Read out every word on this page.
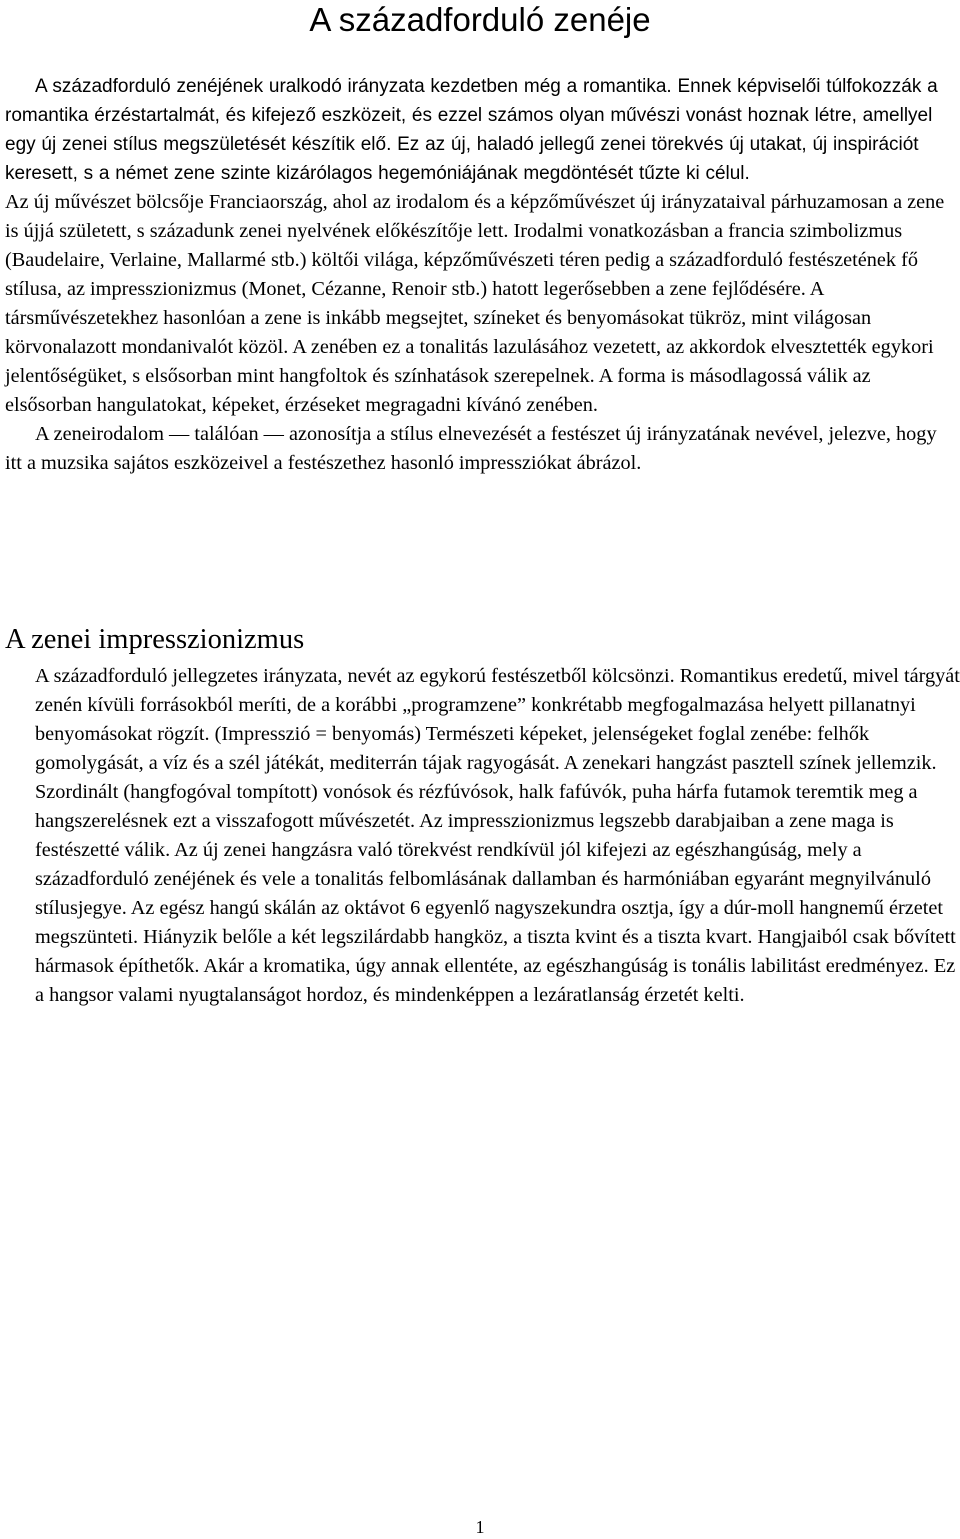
A századforduló zenéje

A századforduló zenéjének uralkodó irányzata kezdetben még a romantika. Ennek képviselői túlfokozzák a romantika érzéstartalmát, és kifejező eszközeit, és ezzel számos olyan művészi vonást hoznak létre, amellyel egy új zenei stílus megszületését készítik elő. Ez az új, haladó jellegű zenei törekvés új utakat, új inspirációt keresett, s a német zene szinte kizárólagos hegemóniájának megdöntését tűzte ki célul.

Az új művészet bölcsője Franciaország, ahol az irodalom és a képzőművészet új irányzataival párhuzamosan a zene is újjá született, s századunk zenei nyelvének előkészítője lett. Irodalmi vonatkozásban a francia szimbolizmus (Baudelaire, Verlaine, Mallarmé stb.) költői világa, képzőművészeti téren pedig a századforduló festészetének fő stílusa, az impresszionizmus (Monet, Cézanne, Renoir stb.) hatott legerősebben a zene fejlődésére. A társművészetekhez hasonlóan a zene is inkább megsejtet, színeket és benyomásokat tükröz, mint világosan körvonalazott mondanivalót közöl. A zenében ez a tonalitás lazulásához vezetett, az akkordok elvesztették egykori jelentőségüket, s elsősorban mint hangfoltok és színhatások szerepelnek. A forma is másodlagossá válik az elsősorban hangulatokat, képeket, érzéseket megragadni kívánó zenében.

A zeneirodalom — találóan — azonosítja a stílus elnevezését a festészet új irányzatának nevével, jelezve, hogy itt a muzsika sajátos eszközeivel a festészethez hasonló impressziókat ábrázol.

A zenei impresszionizmus

A századforduló jellegzetes irányzata, nevét az egykorú festészetből kölcsönzi. Romantikus eredetű, mivel tárgyát zenén kívüli forrásokból meríti, de a korábbi „programzene” konkrétabb megfogalmazása helyett pillanatnyi benyomásokat rögzít. (Impresszió = benyomás) Természeti képeket, jelenségeket foglal zenébe: felhők gomolygását, a víz és a szél játékát, mediterrán tájak ragyogását. A zenekari hangzást pasztell színek jellemzik. Szordinált (hangfogóval tompított) vonósok és rézfúvósok, halk fafúvók, puha hárfa futamok teremtik meg a hangszerelésnek ezt a visszafogott művészetét. Az impresszionizmus legszebb darabjaiban a zene maga is festészetté válik. Az új zenei hangzásra való törekvést rendkívül jól kifejezi az egészhangúság, mely a századforduló zenéjének és vele a tonalitás felbomlásának dallamban és harmóniában egyaránt megnyilvánuló stílusjegye. Az egész hangú skálán az oktávot 6 egyenlő nagyszekundra osztja, így a dúr-moll hangnemű érzetet megszünteti. Hiányzik belőle a két legszilárdabb hangköz, a tiszta kvint és a tiszta kvart. Hangjaiból csak bővített hármasok építhetők. Akár a kromatika, úgy annak ellentéte, az egészhangúság is tonális labilitást eredményez. Ez a hangsor valami nyugtalanságot hordoz, és mindenképpen a lezáratlanság érzetét kelti.

1
